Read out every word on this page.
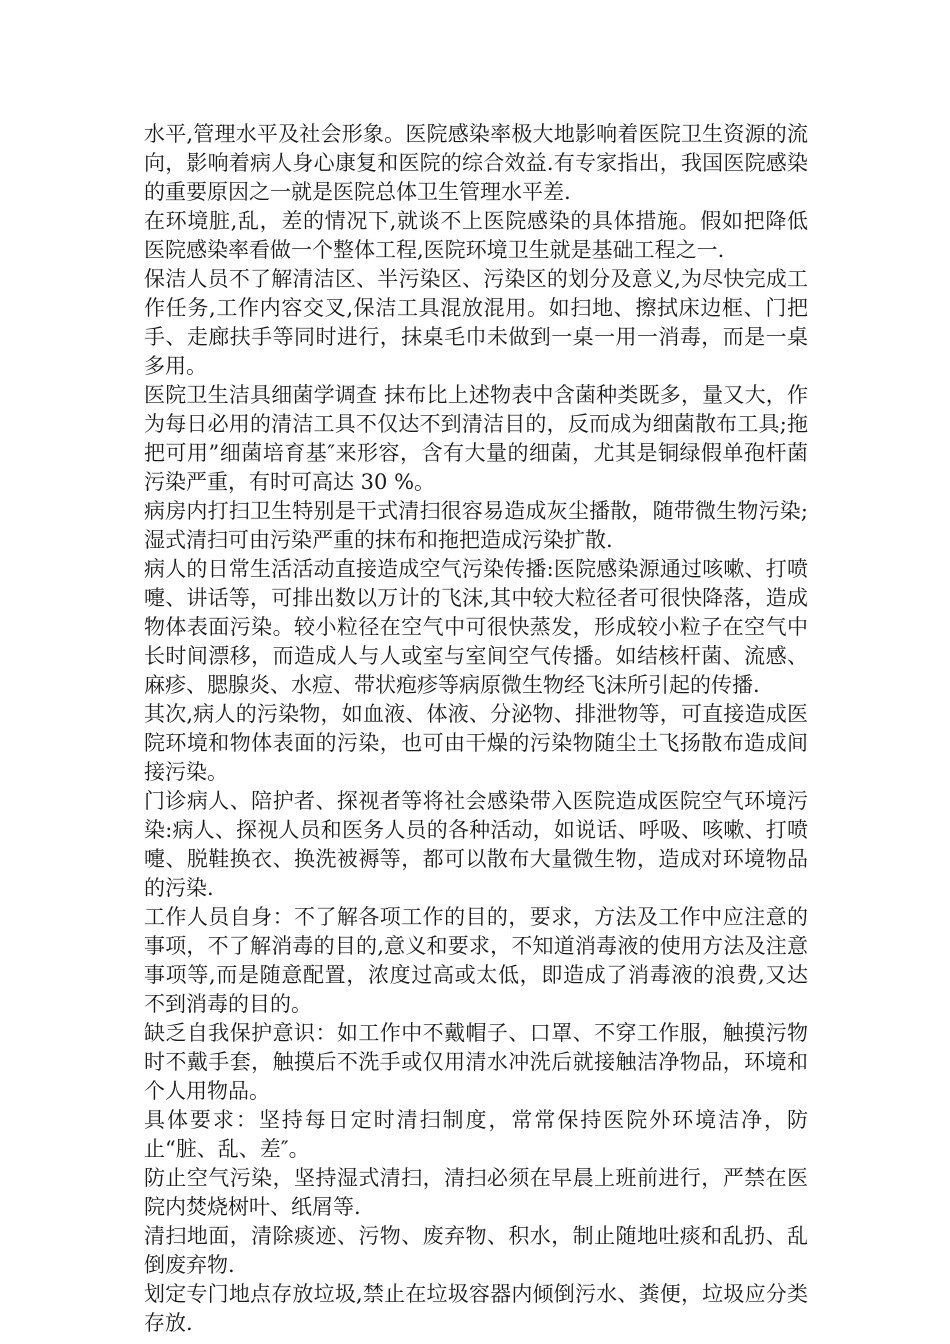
水平,管理水平及社会形象。医院感染率极大地影响着医院卫生资源的流向，影响着病人身心康复和医院的综合效益.有专家指出，我国医院感染的重要原因之一就是医院总体卫生管理水平差.

在环境脏,乱，差的情况下,就谈不上医院感染的具体措施。假如把降低医院感染率看做一个整体工程,医院环境卫生就是基础工程之一.

保洁人员不了解清洁区、半污染区、污染区的划分及意义,为尽快完成工作任务,工作内容交叉,保洁工具混放混用。如扫地、擦拭床边框、门把手、走廊扶手等同时进行，抹桌毛巾未做到一桌一用一消毒，而是一桌多用。

医院卫生洁具细菌学调查 抹布比上述物表中含菌种类既多，量又大，作为每日必用的清洁工具不仅达不到清洁目的，反而成为细菌散布工具;拖把可用”细菌培育基″来形容，含有大量的细菌，尤其是铜绿假单孢杆菌污染严重，有时可高达 30 %。

病房内打扫卫生特别是干式清扫很容易造成灰尘播散，随带微生物污染;湿式清扫可由污染严重的抹布和拖把造成污染扩散.

病人的日常生活活动直接造成空气污染传播:医院感染源通过咳嗽、打喷嚏、讲话等，可排出数以万计的飞沫,其中较大粒径者可很快降落，造成物体表面污染。较小粒径在空气中可很快蒸发，形成较小粒子在空气中长时间漂移，而造成人与人或室与室间空气传播。如结核杆菌、流感、麻疹、腮腺炎、水痘、带状疱疹等病原微生物经飞沫所引起的传播.

其次,病人的污染物，如血液、体液、分泌物、排泄物等，可直接造成医院环境和物体表面的污染，也可由干燥的污染物随尘土飞扬散布造成间接污染。

门诊病人、陪护者、探视者等将社会感染带入医院造成医院空气环境污染:病人、探视人员和医务人员的各种活动，如说话、呼吸、咳嗽、打喷嚏、脱鞋换衣、换洗被褥等，都可以散布大量微生物，造成对环境物品的污染.

工作人员自身：不了解各项工作的目的，要求，方法及工作中应注意的事项，不了解消毒的目的,意义和要求，不知道消毒液的使用方法及注意事项等,而是随意配置，浓度过高或太低，即造成了消毒液的浪费,又达不到消毒的目的。

缺乏自我保护意识：如工作中不戴帽子、口罩、不穿工作服，触摸污物时不戴手套，触摸后不洗手或仅用清水冲洗后就接触洁净物品，环境和个人用物品。

具体要求：坚持每日定时清扫制度，常常保持医院外环境洁净，防止“脏、乱、差″。

防止空气污染，坚持湿式清扫，清扫必须在早晨上班前进行，严禁在医院内焚烧树叶、纸屑等.

清扫地面，清除痰迹、污物、废弃物、积水，制止随地吐痰和乱扔、乱倒废弃物.

划定专门地点存放垃圾,禁止在垃圾容器内倾倒污水、粪便，垃圾应分类存放.
